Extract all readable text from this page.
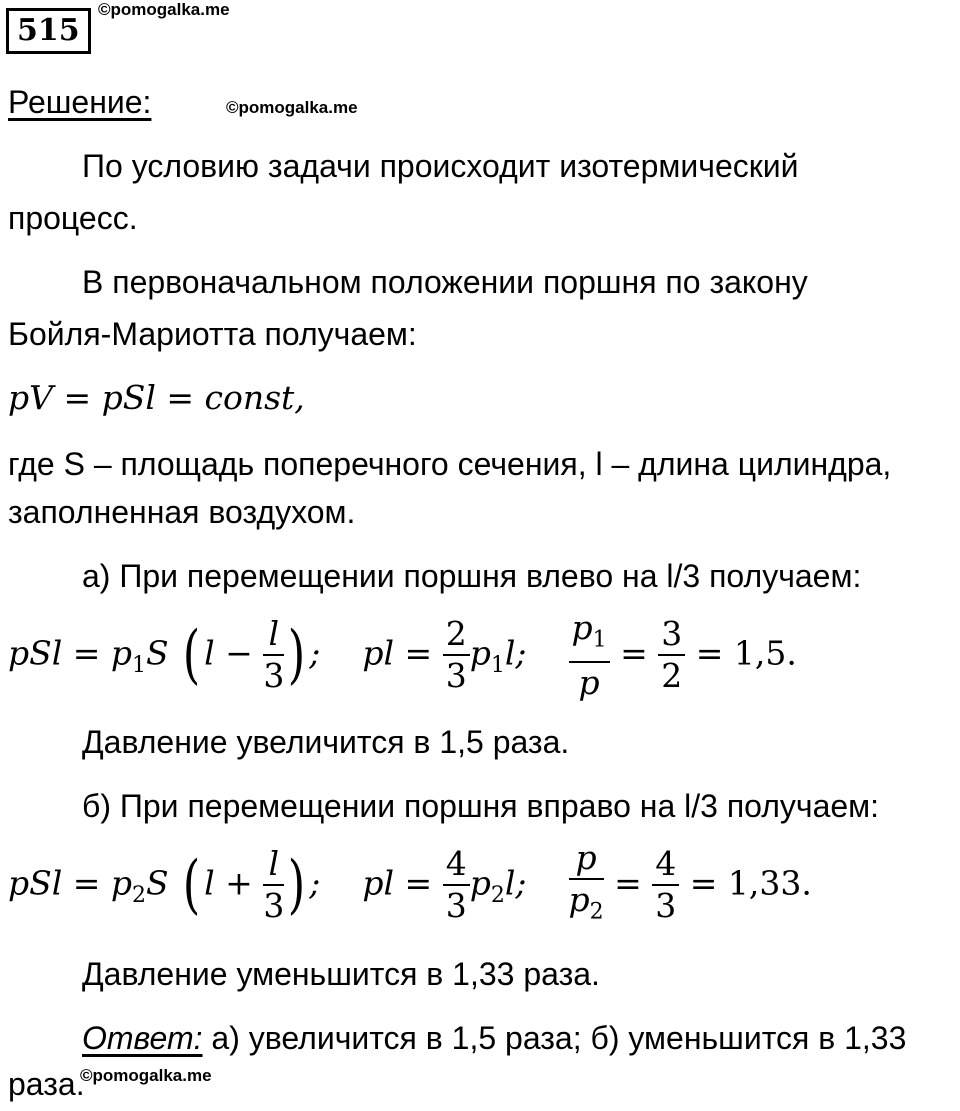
515
©pomogalka.me
Решение:	©pomogalka.me
По условию задачи происходит изотермический
процесс.
В первоначальном положении поршня по закону
Бойля-Мариотта получаем:
pV = pSl = const,
где S – площадь поперечного сечения, l – длина цилиндра,
заполненная воздухом.
а) При перемещении поршня влево на l/3 получаем:
pSl = $p_1S$ ( $l - \frac{l}{3}$ ) ; pl = $\frac{2}{3} p_1l$; $\frac{p_1}{p} = \frac{3}{2} = 1,5$.
Давление увеличится в 1,5 раза.
б) При перемещении поршня вправо на l/3 получаем:
pSl = $p_2S$ ( $l + \frac{l}{3}$ ) ; pl = $\frac{4}{3} p_2l$; $\frac{p}{p_2} = \frac{4}{3} = 1,33$.
Давление уменьшится в 1,33 раза.
Ответ: а) увеличится в 1,5 раза; б) уменьшится в 1,33
раза.
©pomogalka.me
